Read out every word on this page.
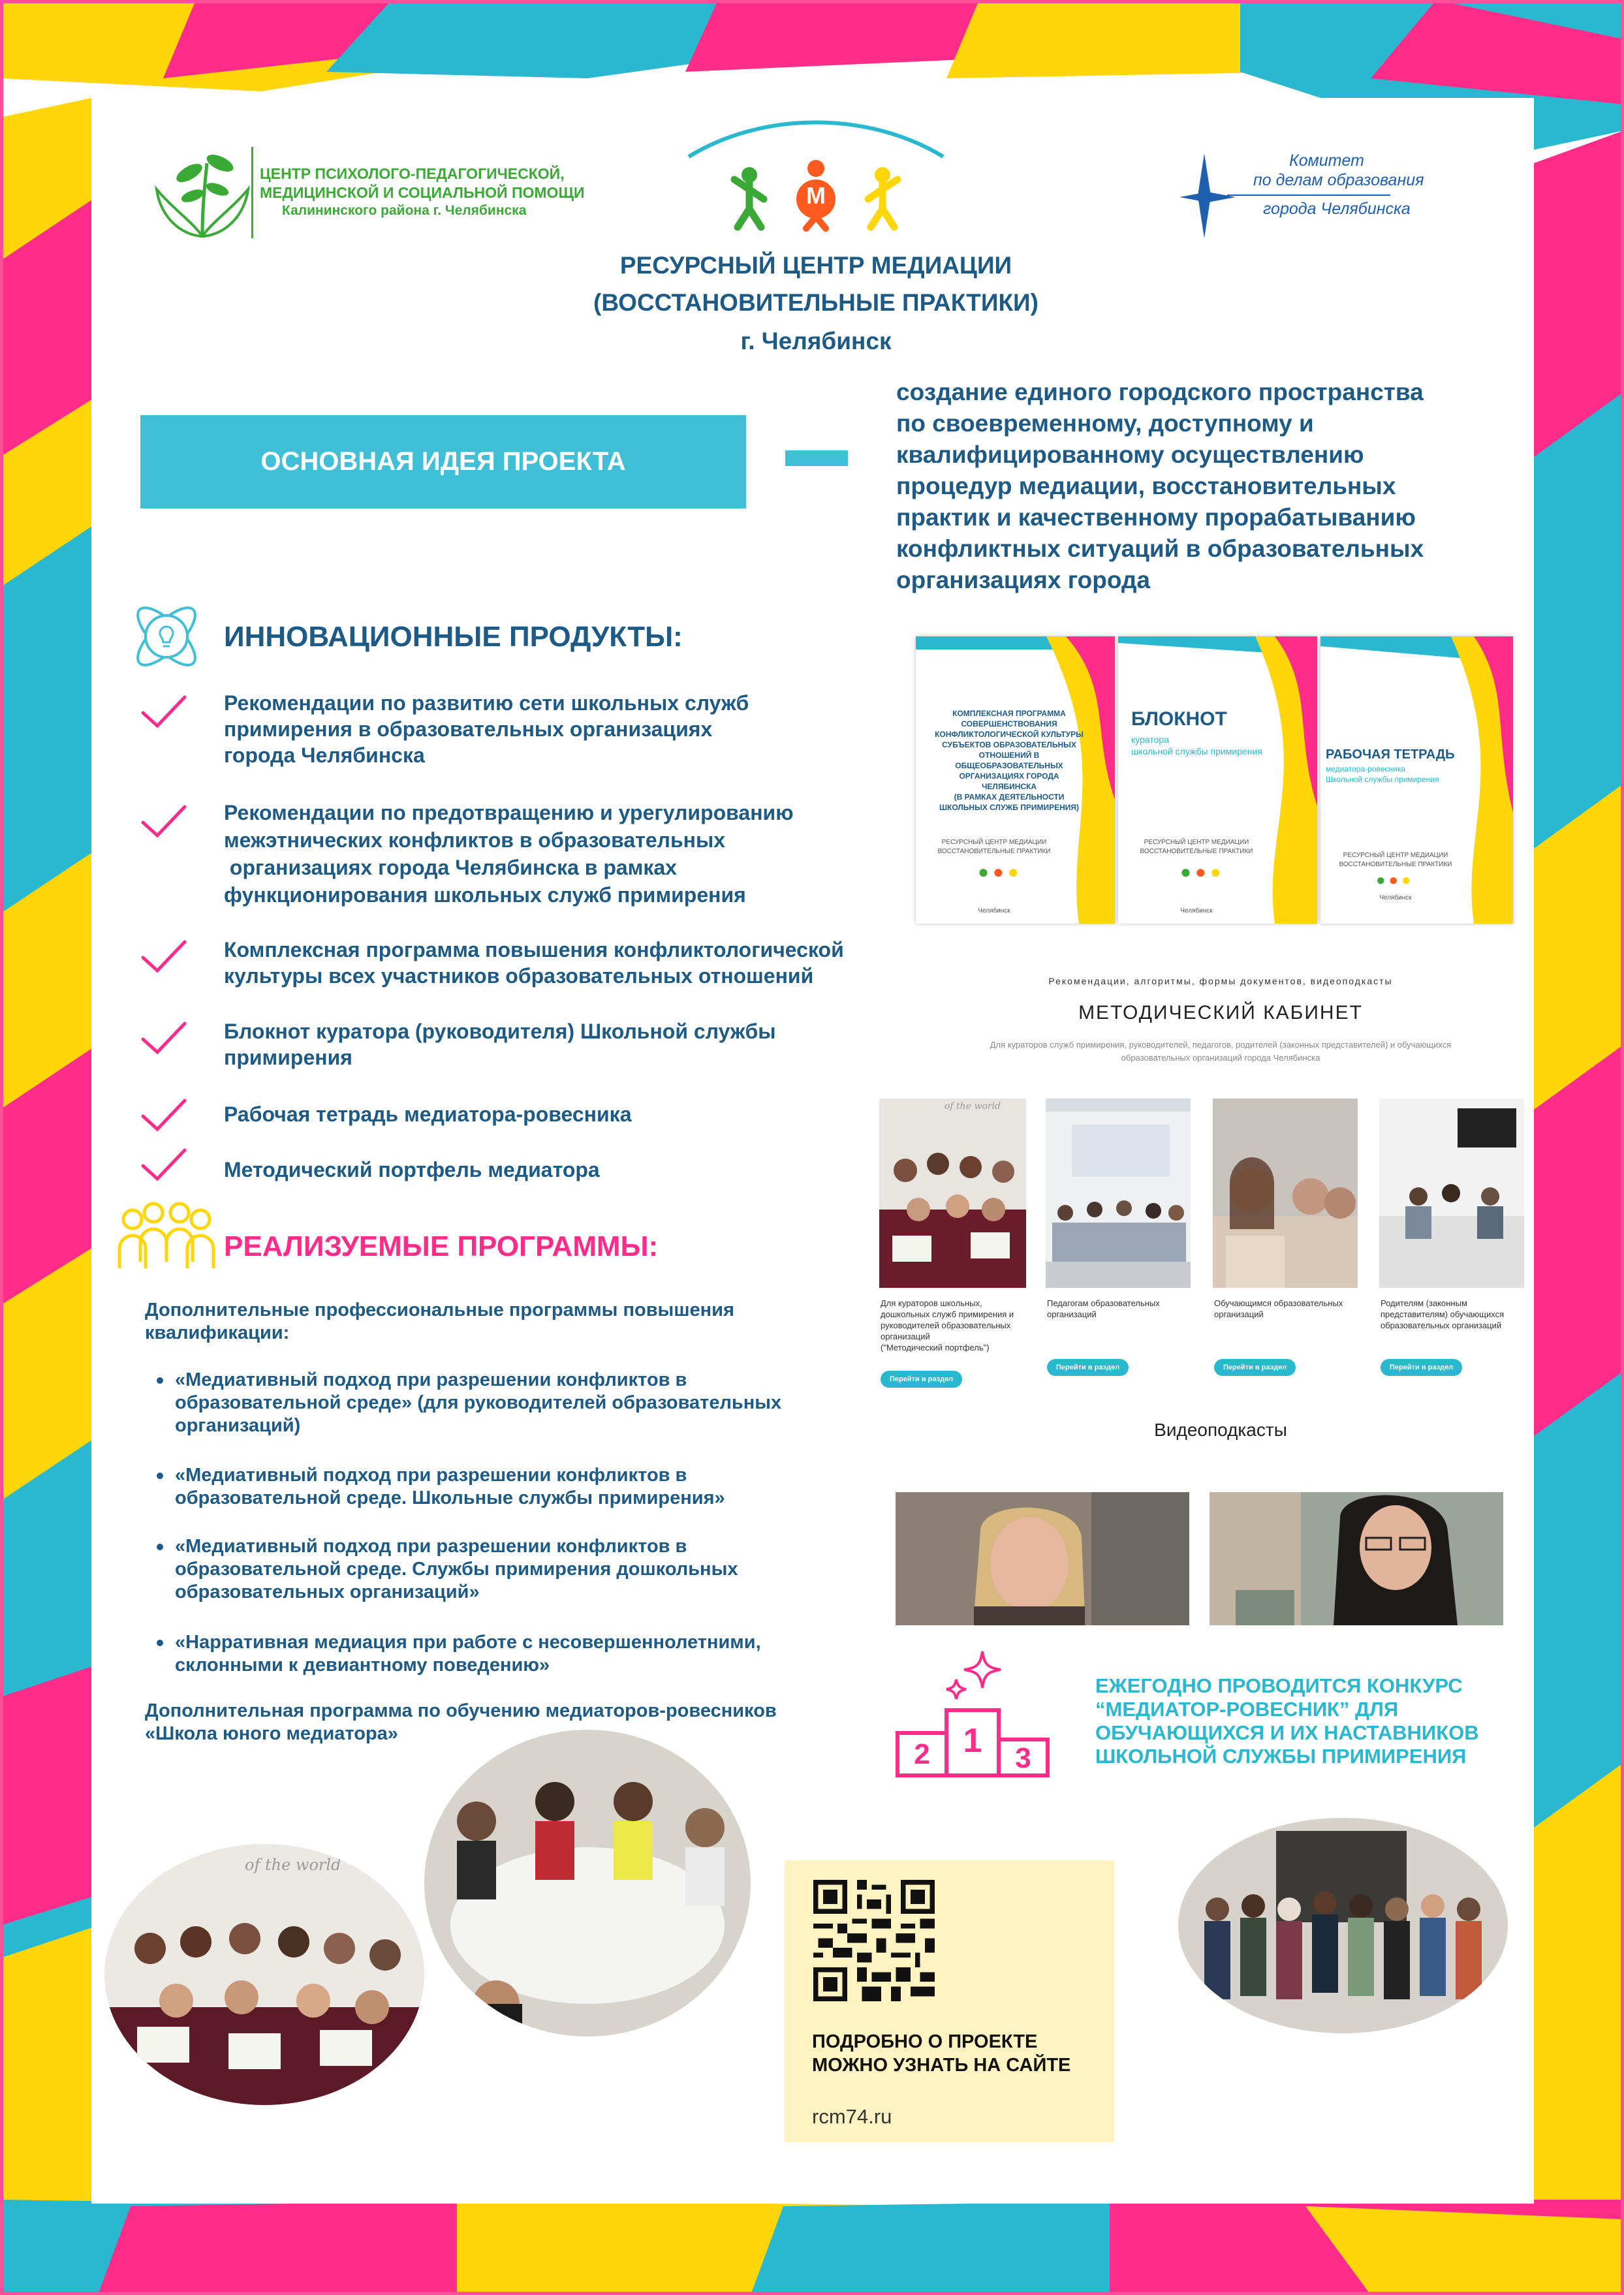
ЦЕНТР ПСИХОЛОГО-ПЕДАГОГИЧЕСКОЙ,
МЕДИЦИНСКОЙ И СОЦИАЛЬНОЙ ПОМОЩИ
Калининского района г. Челябинска
М
Комитет
по делам образования
города Челябинска
РЕСУРСНЫЙ ЦЕНТР МЕДИАЦИИ
(ВОССТАНОВИТЕЛЬНЫЕ ПРАКТИКИ)
г. Челябинск
ОСНОВНАЯ ИДЕЯ ПРОЕКТА
создание единого городского пространства
по своевременному, доступному и
квалифицированному осуществлению
процедур медиации, восстановительных
практик и качественному прорабатыванию
конфликтных ситуаций в образовательных
организациях города
ИННОВАЦИОННЫЕ ПРОДУКТЫ:
Рекомендации по развитию сети школьных служб
примирения в образовательных организациях
города Челябинска
Рекомендации по предотвращению и урегулированию
межэтнических конфликтов в образовательных
организациях города Челябинска в рамках
функционирования школьных служб примирения
Комплексная программа повышения конфликтологической
культуры всех участников образовательных отношений
Блокнот куратора (руководителя) Школьной службы
примирения
Рабочая тетрадь медиатора-ровесника
Методический портфель медиатора
КОМПЛЕКСНАЯ ПРОГРАММА
СОВЕРШЕНСТВОВАНИЯ
КОНФЛИКТОЛОГИЧЕСКОЙ КУЛЬТУРЫ
СУБЪЕКТОВ ОБРАЗОВАТЕЛЬНЫХ
ОТНОШЕНИЙ В ОБЩЕОБРАЗОВАТЕЛЬНЫХ
ОРГАНИЗАЦИЯХ ГОРОДА ЧЕЛЯБИНСКА
(В РАМКАХ ДЕЯТЕЛЬНОСТИ
ШКОЛЬНЫХ СЛУЖБ ПРИМИРЕНИЯ)
РЕСУРСНЫЙ ЦЕНТР МЕДИАЦИИ
ВОССТАНОВИТЕЛЬНЫЕ ПРАКТИКИ
●●●
Челябинск
БЛОКНОТ
куратора
школьной службы примирения
РЕСУРСНЫЙ ЦЕНТР МЕДИАЦИИ
ВОССТАНОВИТЕЛЬНЫЕ ПРАКТИКИ
●●●
Челябинск
РАБОЧАЯ ТЕТРАДЬ
медиатора-ровесника
Школьной службы примирения
РЕСУРСНЫЙ ЦЕНТР МЕДИАЦИИ
ВОССТАНОВИТЕЛЬНЫЕ ПРАКТИКИ
●●●
Челябинск
Рекомендации, алгоритмы, формы документов, видеоподкасты
МЕТОДИЧЕСКИЙ КАБИНЕТ
Для кураторов служб примирения, руководителей, педагогов, родителей (законных представителей) и обучающихся
образовательных организаций города Челябинска
of the world
Для кураторов школьных,
дошкольных служб примирения и
руководителей образовательных
организаций
("Методический портфель")
Перейти в раздел
Педагогам образовательных
организаций
Перейти в раздел
Обучающимся образовательных
организаций
Перейти в раздел
Родителям (законным
представителям) обучающихся
образовательных организаций
Перейти в раздел
Видеоподкасты
РЕАЛИЗУЕМЫЕ ПРОГРАММЫ:
Дополнительные профессиональные программы повышения
квалификации:
«Медиативный подход при разрешении конфликтов в
образовательной среде» (для руководителей образовательных
организаций)
«Медиативный подход при разрешении конфликтов в
образовательной среде. Школьные службы примирения»
«Медиативный подход при разрешении конфликтов в
образовательной среде. Службы примирения дошкольных
образовательных организаций»
«Нарративная медиация при работе с несовершеннолетними,
склонными к девиантному поведению»
Дополнительная программа по обучению медиаторов-ровесников
«Школа юного медиатора»
2 1	3
ЕЖЕГОДНО ПРОВОДИТСЯ КОНКУРС
“МЕДИАТОР-РОВЕСНИК” ДЛЯ
ОБУЧАЮЩИХСЯ И ИХ НАСТАВНИКОВ
ШКОЛЬНОЙ СЛУЖБЫ ПРИМИРЕНИЯ
of the world
ПОДРОБНО О ПРОЕКТЕ
МОЖНО УЗНАТЬ НА САЙТЕ
rcm74.ru
